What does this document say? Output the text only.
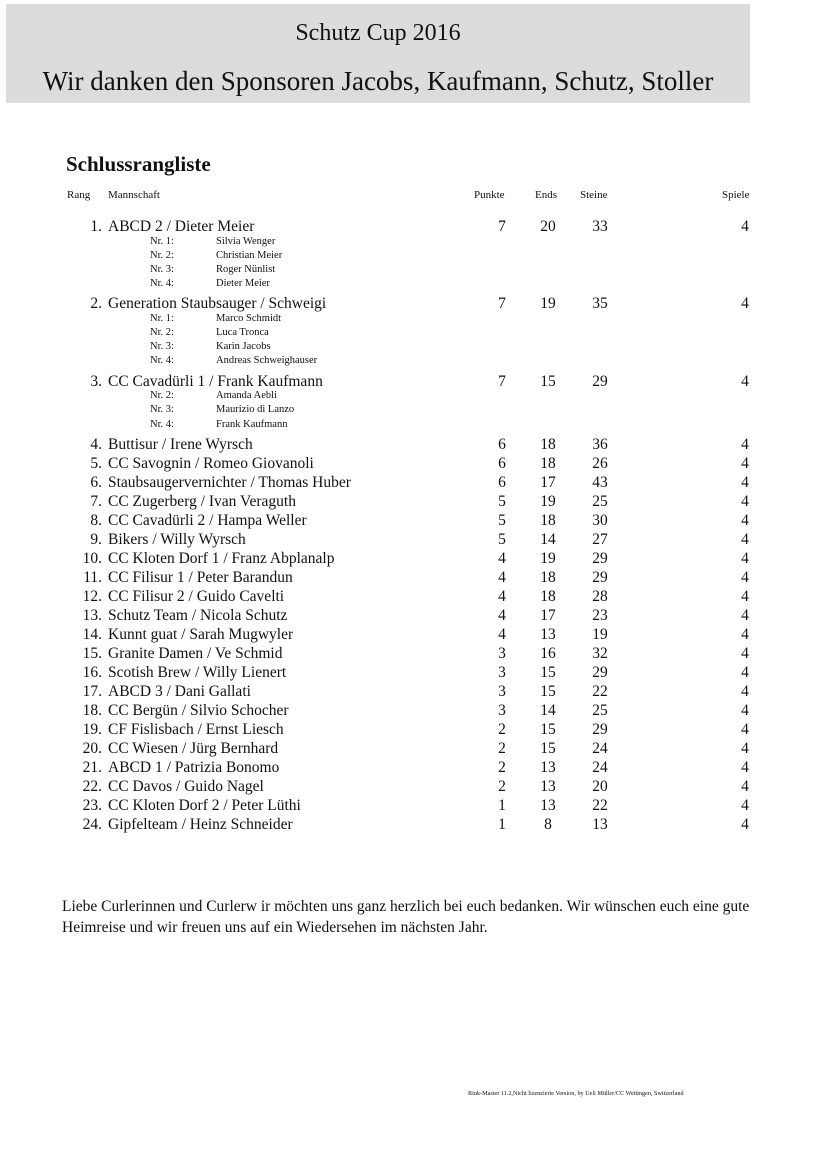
Schutz Cup 2016
Wir danken den Sponsoren Jacobs, Kaufmann, Schutz, Stoller
Schlussrangliste
Rang Mannschaft	Punkte	Ends Steine	Spiele
1. ABCD 2 / Dieter Meier	7	20	33	4
Nr. 1:	Silvia Wenger
Nr. 2:	Christian Meier
Nr. 3:	Roger Nünlist
Nr. 4:	Dieter Meier
2. Generation Staubsauger / Schweigi	7	19	35	4
Nr. 1:	Marco Schmidt
Nr. 2:	Luca Tronca
Nr. 3:	Karin Jacobs
Nr. 4:	Andreas Schweighauser
3. CC Cavadürli 1 / Frank Kaufmann	7	15	29	4
Nr. 2:	Amanda Aebli
Nr. 3:	Maurizio di Lanzo
Nr. 4:	Frank Kaufmann
4. Buttisur / Irene Wyrsch	6	18	36	4
5. CC Savognin / Romeo Giovanoli	6	18	26	4
6. Staubsaugervernichter / Thomas Huber	6	17	43	4
7. CC Zugerberg / Ivan Veraguth	5	19	25	4
8. CC Cavadürli 2 / Hampa Weller	5	18	30	4
9. Bikers / Willy Wyrsch	5	14	27	4
10. CC Kloten Dorf 1 / Franz Abplanalp	4	19	29	4
11. CC Filisur 1 / Peter Barandun	4	18	29	4
12. CC Filisur 2 / Guido Cavelti	4	18	28	4
13. Schutz Team / Nicola Schutz	4	17	23	4
14. Kunnt guat / Sarah Mugwyler	4	13	19	4
15. Granite Damen / Ve Schmid	3	16	32	4
16. Scotish Brew / Willy Lienert	3	15	29	4
17. ABCD 3 / Dani Gallati	3	15	22	4
18. CC Bergün / Silvio Schocher	3	14	25	4
19. CF Fislisbach / Ernst Liesch	2	15	29	4
20. CC Wiesen / Jürg Bernhard	2	15	24	4
21. ABCD 1 / Patrizia Bonomo	2	13	24	4
22. CC Davos / Guido Nagel	2	13	20	4
23. CC Kloten Dorf 2 / Peter Lüthi	1	13	22	4
24. Gipfelteam / Heinz Schneider	1	8	13	4
Liebe Curlerinnen und Curlerw ir möchten uns ganz herzlich bei euch bedanken. Wir wünschen euch eine gute Heimreise und wir freuen uns auf ein Wiedersehen im nächsten Jahr.
Rink-Master 11.2,Nicht lizenzierte Version, by Ueli Müller/CC Wettingen, Switzerland
